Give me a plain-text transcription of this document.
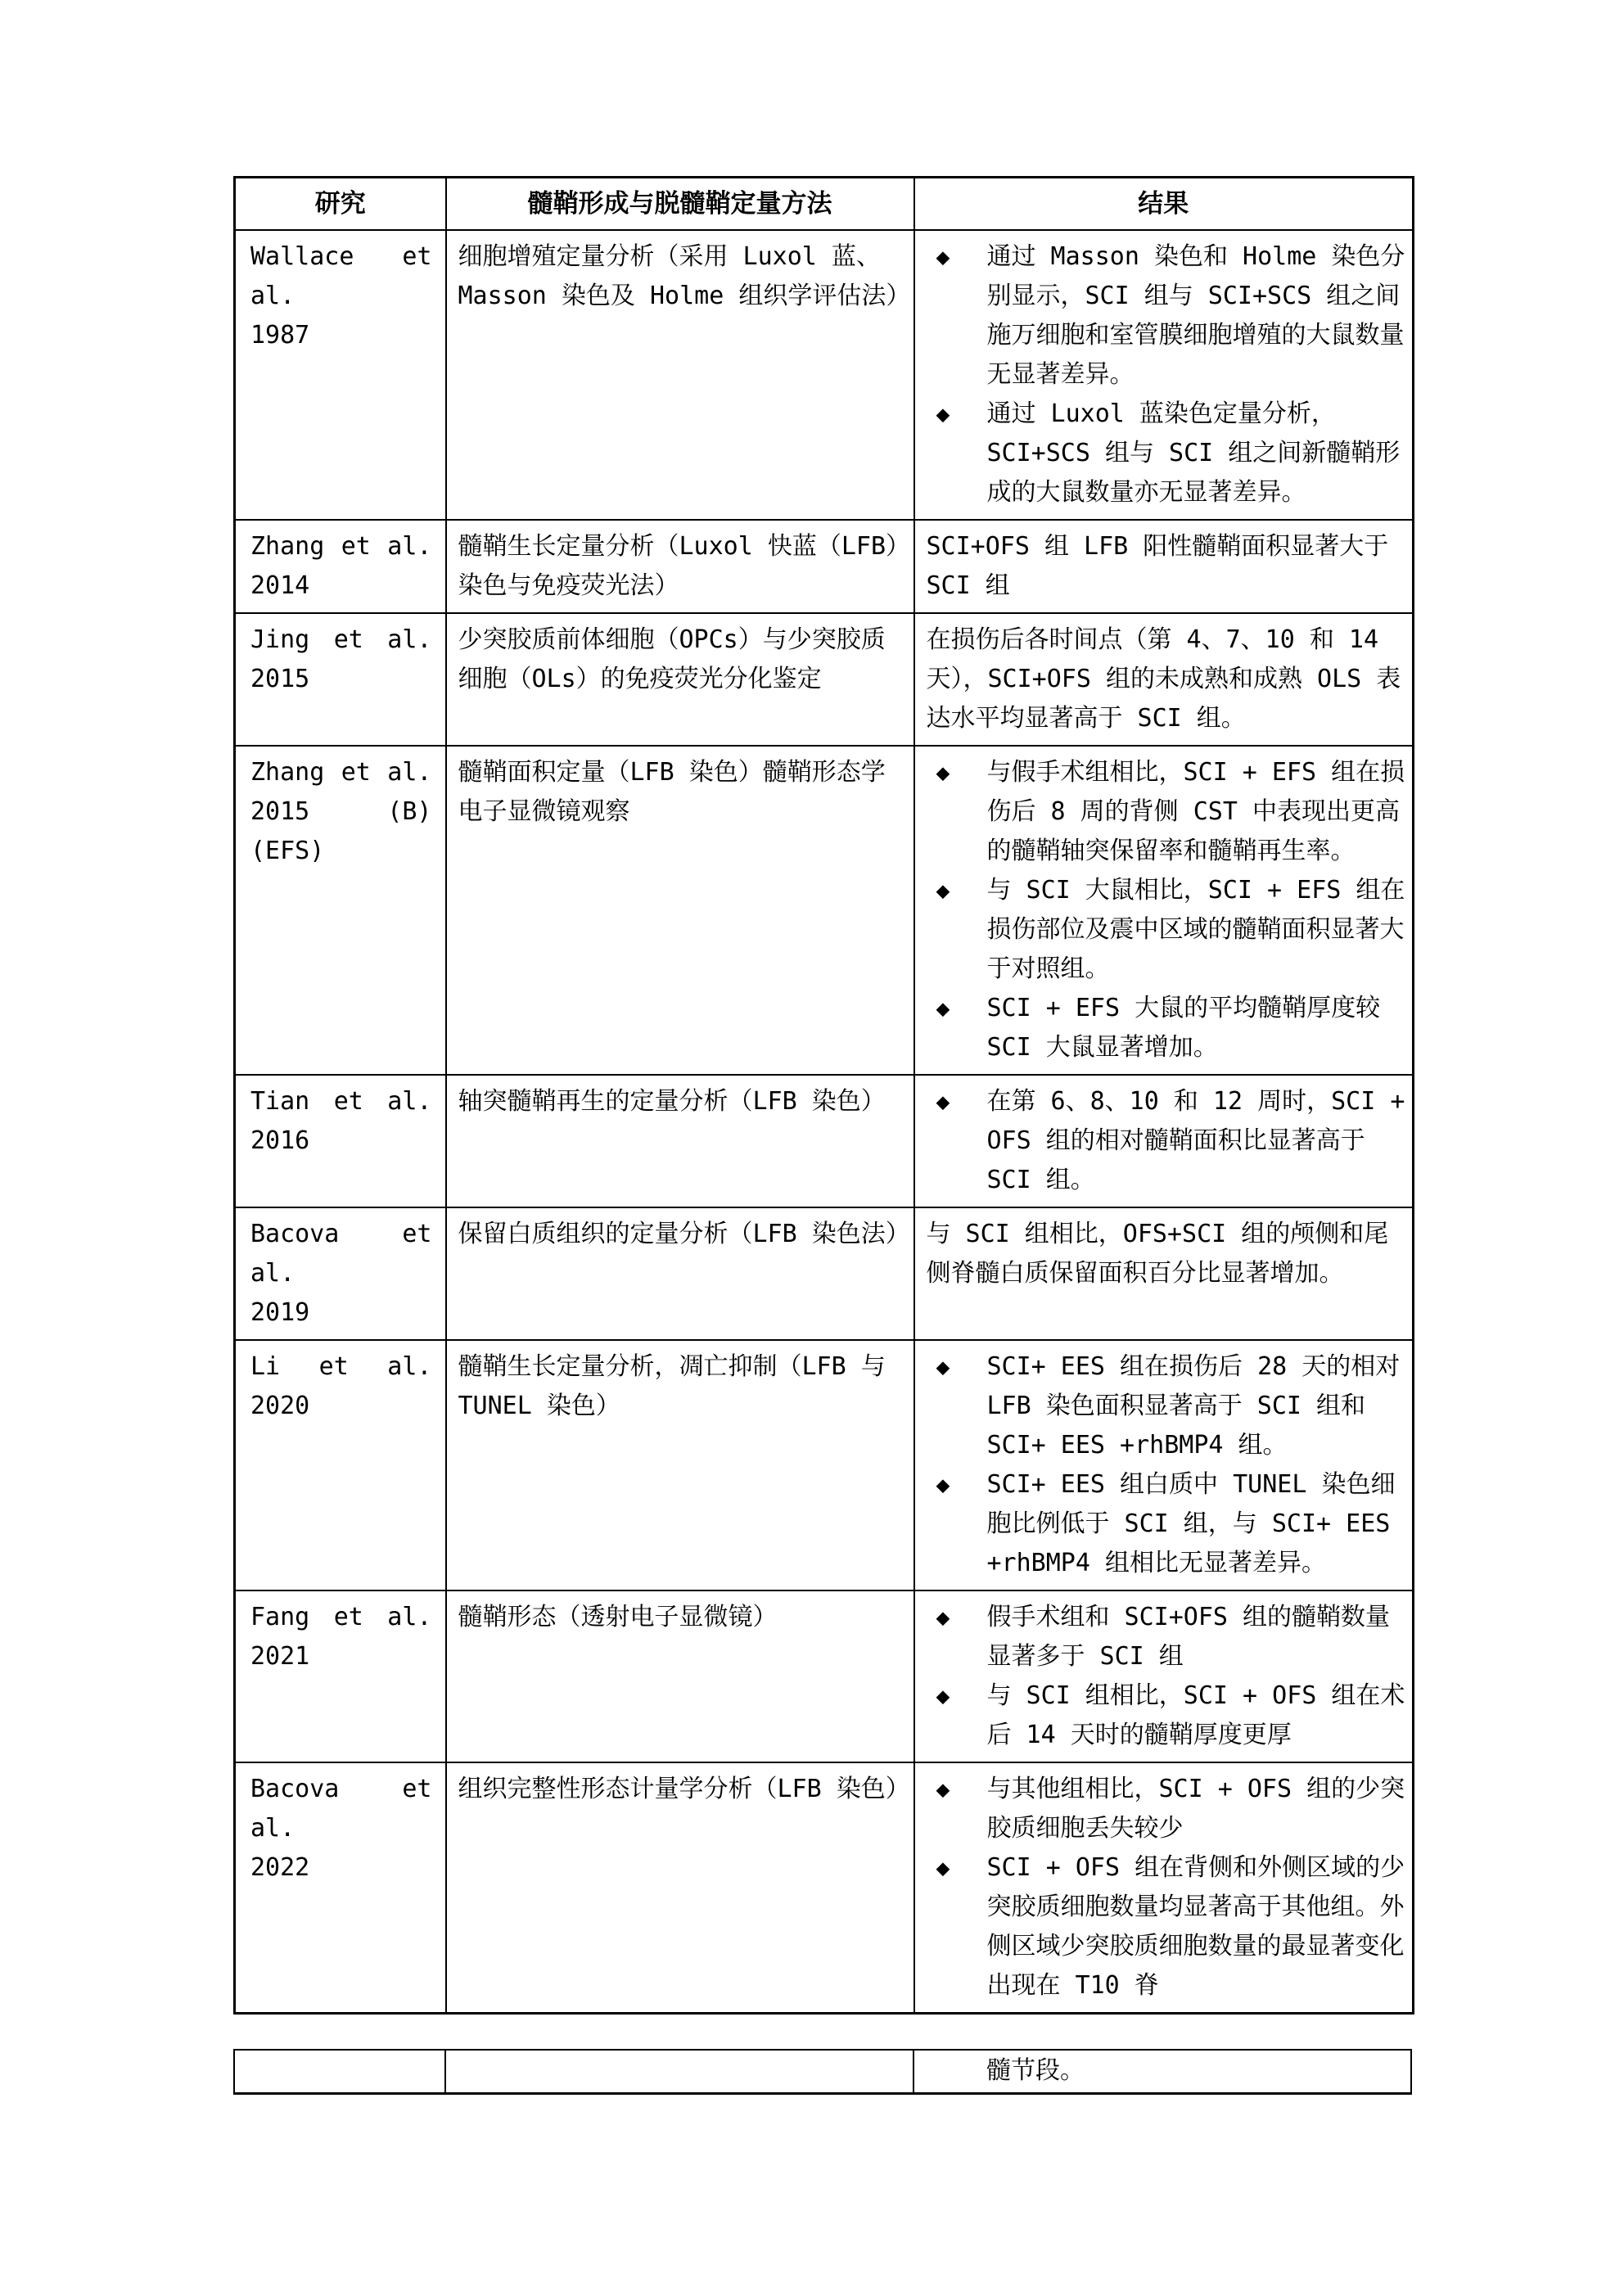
研究	髓鞘形成与脱髓鞘定量方法	结果

Wallace et
al.
1987
	细胞增殖定量分析（采用 Luxol 蓝、Masson 染色及 Holme 组织学评估法）	
◆	通过 Masson 染色和 Holme 染色分别显示，SCI 组与 SCI+SCS 组之间施万细胞和室管膜细胞增殖的大鼠数量无显著差异。
◆	通过 Luxol 蓝染色定量分析，SCI+SCS 组与 SCI 组之间新髓鞘形成的大鼠数量亦无显著差异。

Zhang et al.
2014	髓鞘生长定量分析（Luxol 快蓝（LFB）染色与免疫荧光法）	SCI+OFS 组 LFB 阳性髓鞘面积显著大于 SCI 组

Jing et al.
2015	少突胶质前体细胞（OPCs）与少突胶质细胞（OLs）的免疫荧光分化鉴定	在损伤后各时间点（第 4、7、10 和 14 天），SCI+OFS 组的未成熟和成熟 OLS 表达水平均显著高于 SCI 组。

Zhang et al.
2015 (B)
(EFS)
	髓鞘面积定量（LFB 染色）髓鞘形态学电子显微镜观察	
◆	与假手术组相比，SCI + EFS 组在损伤后 8 周的背侧 CST 中表现出更高的髓鞘轴突保留率和髓鞘再生率。
◆	与 SCI 大鼠相比，SCI + EFS 组在损伤部位及震中区域的髓鞘面积显著大于对照组。
◆	SCI + EFS 大鼠的平均髓鞘厚度较 SCI 大鼠显著增加。

Tian et al.
2016
	轴突髓鞘再生的定量分析（LFB 染色）	◆	在第 6、8、10 和 12 周时，SCI + OFS 组的相对髓鞘面积比显著高于 SCI 组。

Bacova et al.
2019	保留白质组织的定量分析（LFB 染色法）	与 SCI 组相比，OFS+SCI 组的颅侧和尾侧脊髓白质保留面积百分比显著增加。

Li et al.
2020
	髓鞘生长定量分析，凋亡抑制（LFB 与 TUNEL 染色）	
◆	SCI+ EES 组在损伤后 28 天的相对 LFB 染色面积显著高于 SCI 组和 SCI+ EES +rhBMP4 组。
◆	SCI+ EES 组白质中 TUNEL 染色细胞比例低于 SCI 组，与 SCI+ EES +rhBMP4 组相比无显著差异。

Fang et al.
2021
	髓鞘形态（透射电子显微镜）	◆	假手术组和 SCI+OFS 组的髓鞘数量显著多于 SCI 组
◆	与 SCI 组相比，SCI + OFS 组在术后 14 天时的髓鞘厚度更厚

Bacova et al.
2022
	组织完整性形态计量学分析（LFB 染色）	◆	与其他组相比，SCI + OFS 组的少突胶质细胞丢失较少
◆	SCI + OFS 组在背侧和外侧区域的少突胶质细胞数量均显著高于其他组。外侧区域少突胶质细胞数量的最显著变化出现在 T10 脊
髓节段。
